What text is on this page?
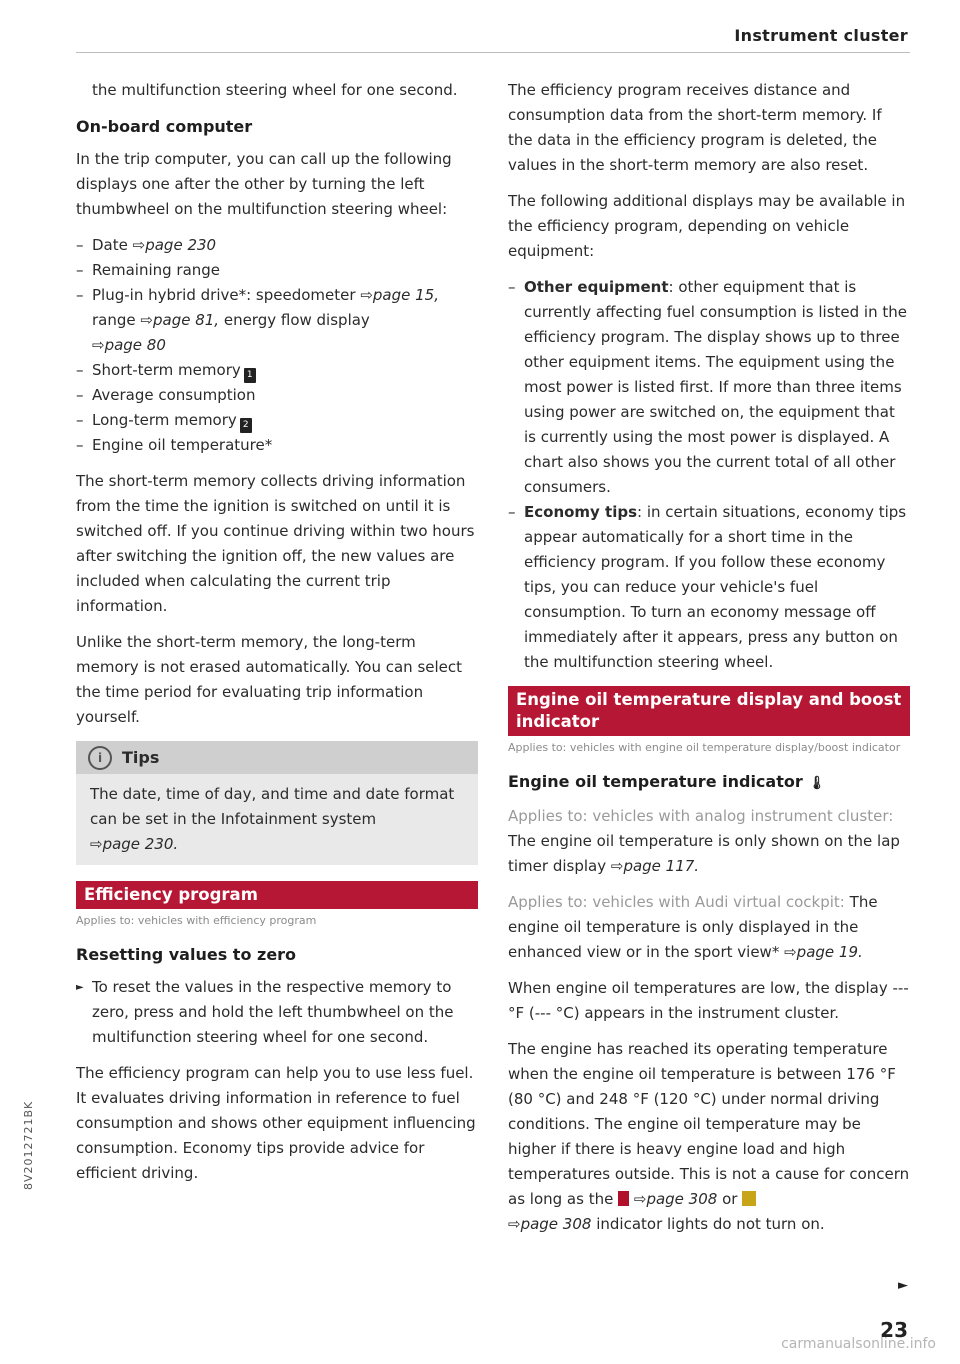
Instrument cluster

the multifunction steering wheel for one second.

On-board computer

In the trip computer, you can call up the following displays one after the other by turning the left thumbwheel on the multifunction steering wheel:

– Date ⇨page 230
– Remaining range
– Plug-in hybrid drive*: speedometer ⇨page 15,
range ⇨page 81, energy flow display
⇨page 80
– Short-term memory 1
– Average consumption
– Long-term memory 2
– Engine oil temperature*

The short-term memory collects driving information from the time the ignition is switched on until it is switched off. If you continue driving within two hours after switching the ignition off, the new values are included when calculating the current trip information.

Unlike the short-term memory, the long-term memory is not erased automatically. You can select the time period for evaluating trip information yourself.

i	Tips
The date, time of day, and time and date format can be set in the Infotainment system
⇨page 230.
Efficiency program
Applies to: vehicles with efficiency program
Resetting values to zero
► To reset the values in the respective memory to zero, press and hold the left thumbwheel on the multifunction steering wheel for one second.

The efficiency program can help you to use less fuel. It evaluates driving information in reference to fuel consumption and shows other equipment influencing consumption. Economy tips provide advice for efficient driving.

The efficiency program receives distance and consumption data from the short-term memory. If the data in the efficiency program is deleted, the values in the short-term memory are also reset.

The following additional displays may be available in the efficiency program, depending on vehicle equipment:

– Other equipment: other equipment that is currently affecting fuel consumption is listed in the efficiency program. The display shows up to three other equipment items. The equipment using the most power is listed first. If more than three items using power are switched on, the equipment that is currently using the most power is displayed. A chart also shows you the current total of all other consumers.
– Economy tips: in certain situations, economy tips appear automatically for a short time in the efficiency program. If you follow these economy tips, you can reduce your vehicle's fuel consumption. To turn an economy message off immediately after it appears, press any button on the multifunction steering wheel.
Engine oil temperature display and boost indicator
Applies to: vehicles with engine oil temperature display/boost indicator
Engine oil temperature indicator 🌡

Applies to: vehicles with analog instrument cluster: The engine oil temperature is only shown on the lap timer display ⇨page 117.

Applies to: vehicles with Audi virtual cockpit: The engine oil temperature is only displayed in the enhanced view or in the sport view* ⇨page 19.

When engine oil temperatures are low, the display --- °F (--- °C) appears in the instrument cluster.

The engine has reached its operating temperature when the engine oil temperature is between 176 °F (80 °C) and 248 °F (120 °C) under normal driving conditions. The engine oil temperature may be higher if there is heavy engine load and high temperatures outside. This is not a cause for concern as long as the ⇨page 308 or
⇨page 308 indicator lights do not turn on.

►
8V2012721BK
23
carmanualsonline.info
